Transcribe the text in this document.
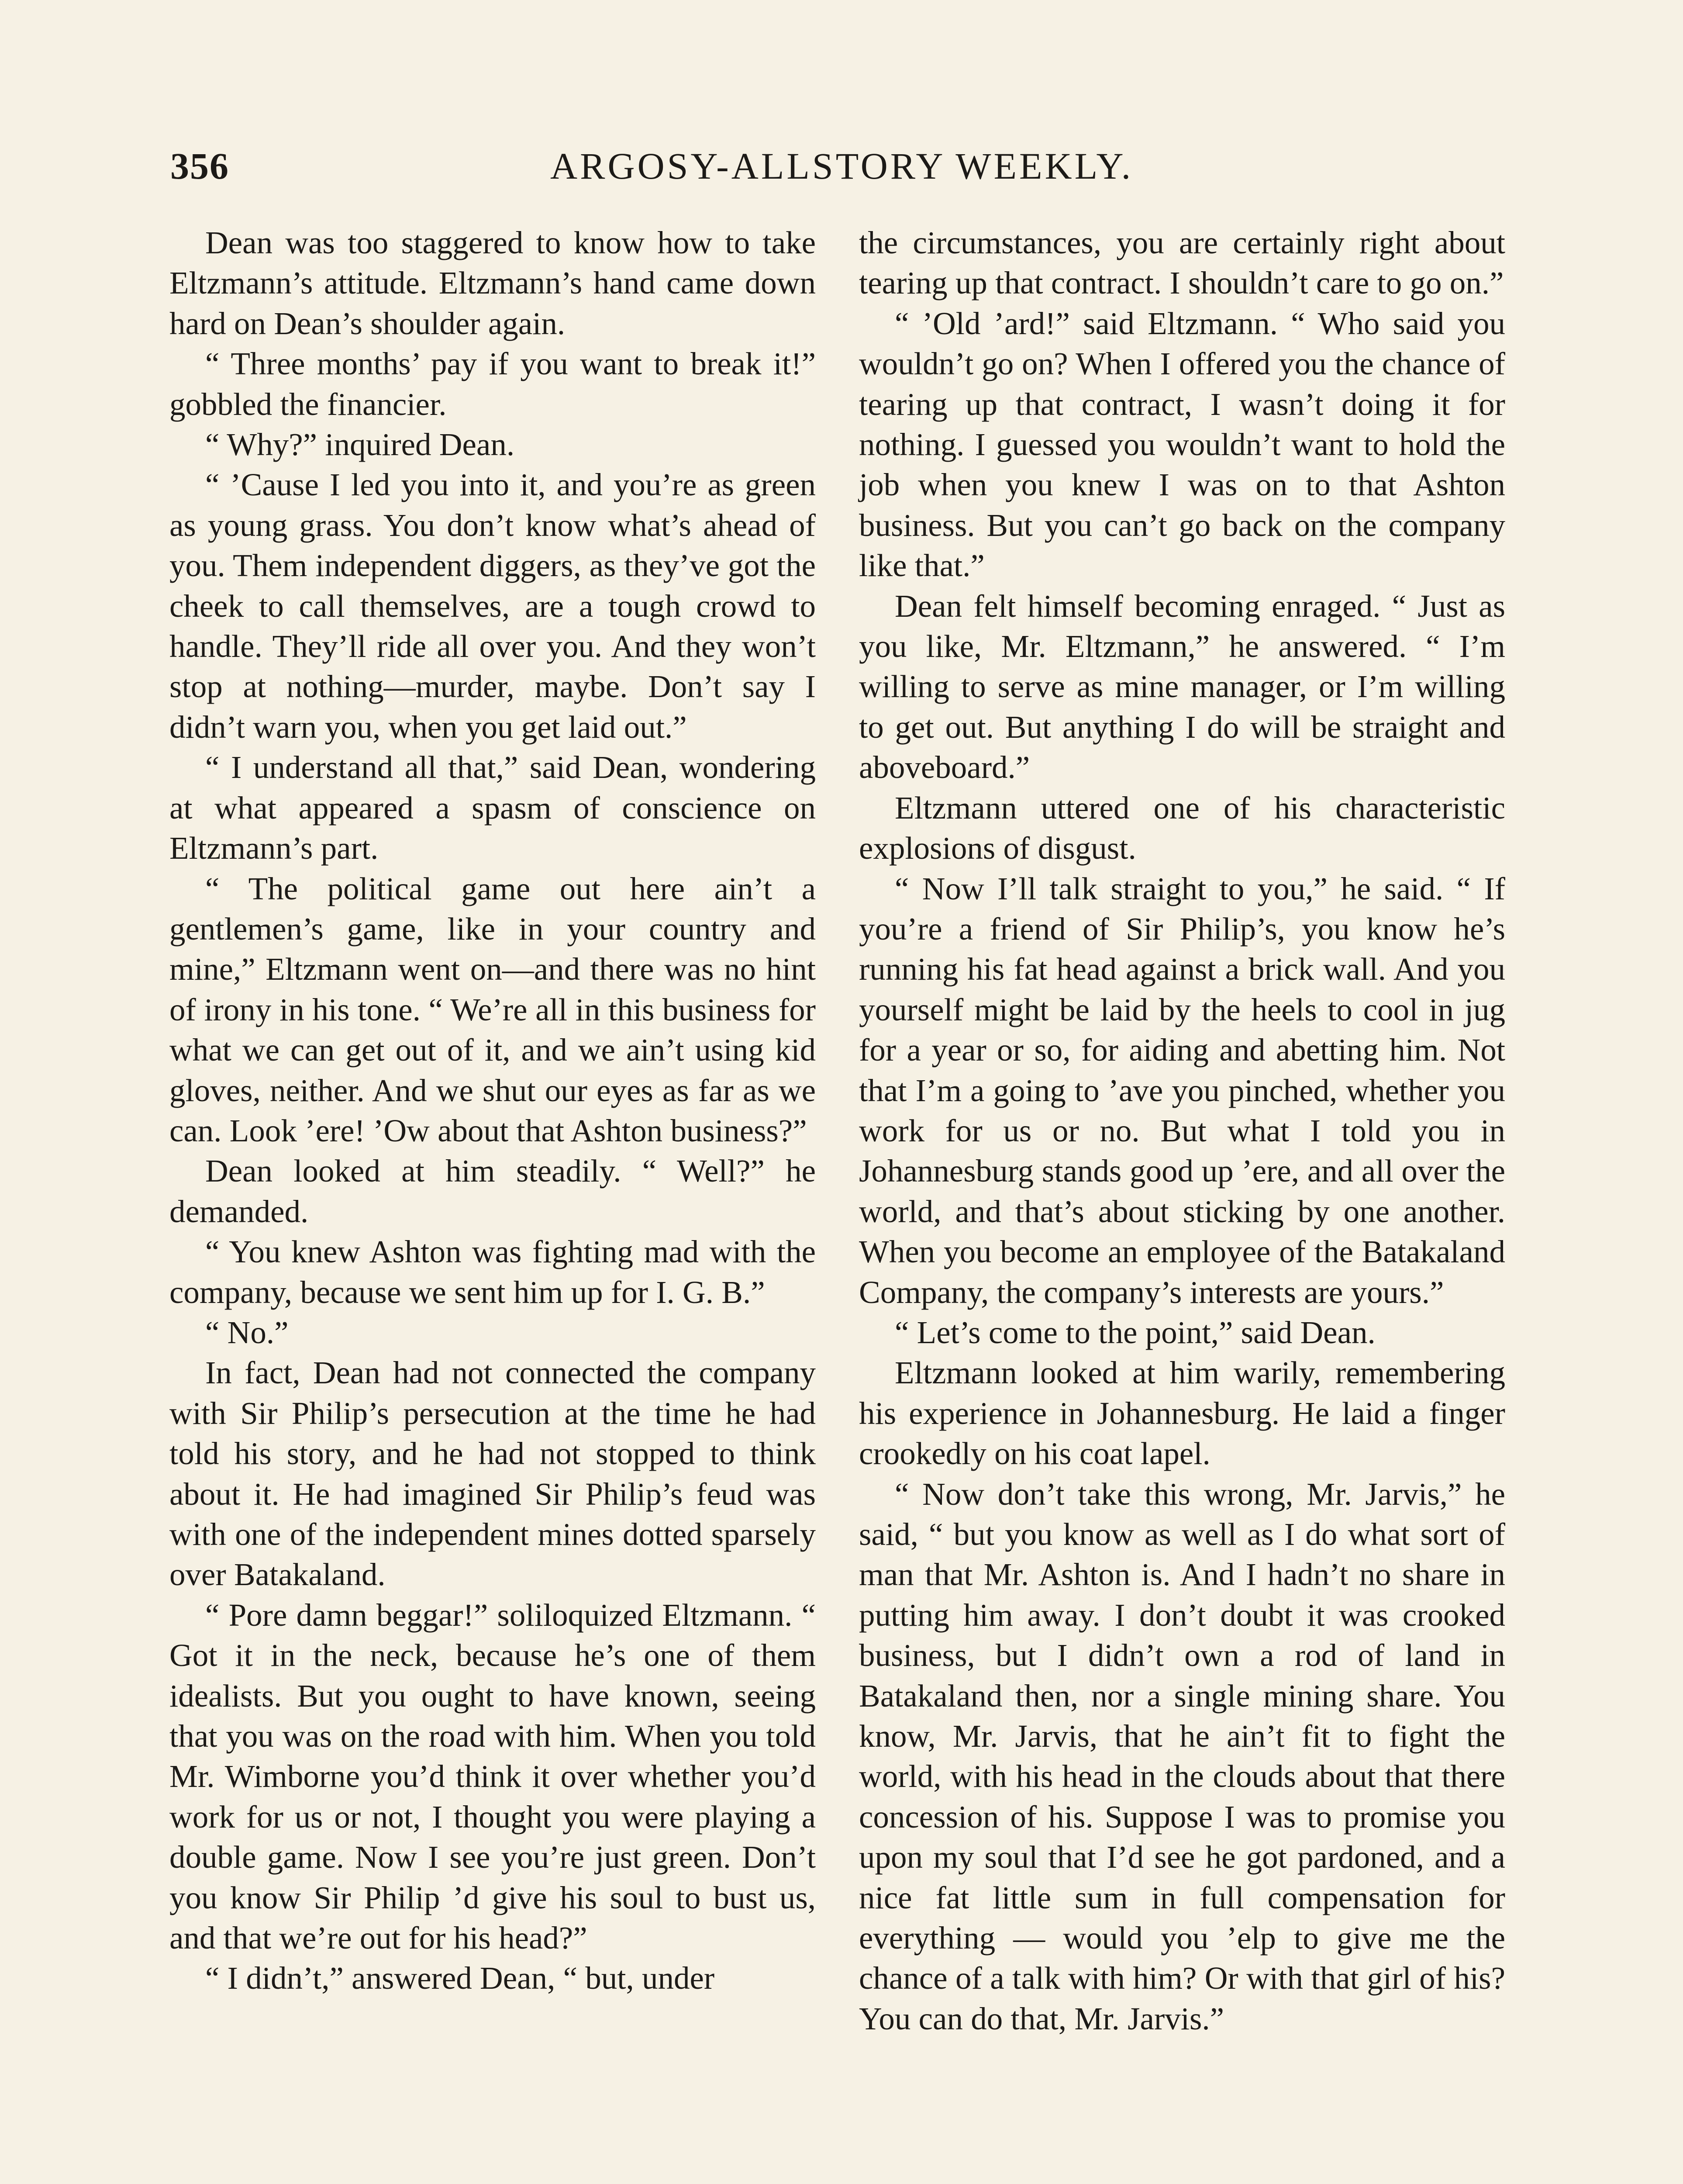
356	ARGOSY-ALLSTORY WEEKLY.

Dean was too staggered to know how to take Eltzmann’s attitude. Eltzmann’s hand came down hard on Dean’s shoulder again.

“ Three months’ pay if you want to break it!” gobbled the financier.

“ Why?” inquired Dean.

“ ’Cause I led you into it, and you’re as green as young grass. You don’t know what’s ahead of you. Them independent diggers, as they’ve got the cheek to call themselves, are a tough crowd to handle. They’ll ride all over you. And they won’t stop at nothing—murder, maybe. Don’t say I didn’t warn you, when you get laid out.”

“ I understand all that,” said Dean, wondering at what appeared a spasm of conscience on Eltzmann’s part.

“ The political game out here ain’t a gentlemen’s game, like in your country and mine,” Eltzmann went on—and there was no hint of irony in his tone. “ We’re all in this business for what we can get out of it, and we ain’t using kid gloves, neither. And we shut our eyes as far as we can. Look ’ere! ’Ow about that Ashton business?”

Dean looked at him steadily. “ Well?” he demanded.

“ You knew Ashton was fighting mad with the company, because we sent him up for I. G. B.”

“ No.”

In fact, Dean had not connected the company with Sir Philip’s persecution at the time he had told his story, and he had not stopped to think about it. He had imagined Sir Philip’s feud was with one of the independent mines dotted sparsely over Batakaland.

“ Pore damn beggar!” soliloquized Eltzmann. “ Got it in the neck, because he’s one of them idealists. But you ought to have known, seeing that you was on the road with him. When you told Mr. Wimborne you’d think it over whether you’d work for us or not, I thought you were playing a double game. Now I see you’re just green. Don’t you know Sir Philip ’d give his soul to bust us, and that we’re out for his head?”

“ I didn’t,” answered Dean, “ but, under

the circumstances, you are certainly right about tearing up that contract. I shouldn’t care to go on.”

“ ’Old ’ard!” said Eltzmann. “ Who said you wouldn’t go on? When I offered you the chance of tearing up that contract, I wasn’t doing it for nothing. I guessed you wouldn’t want to hold the job when you knew I was on to that Ashton business. But you can’t go back on the company like that.”

Dean felt himself becoming enraged. “ Just as you like, Mr. Eltzmann,” he answered. “ I’m willing to serve as mine manager, or I’m willing to get out. But anything I do will be straight and aboveboard.”

Eltzmann uttered one of his characteristic explosions of disgust.

“ Now I’ll talk straight to you,” he said. “ If you’re a friend of Sir Philip’s, you know he’s running his fat head against a brick wall. And you yourself might be laid by the heels to cool in jug for a year or so, for aiding and abetting him. Not that I’m a going to ’ave you pinched, whether you work for us or no. But what I told you in Johannesburg stands good up ’ere, and all over the world, and that’s about sticking by one another. When you become an employee of the Batakaland Company, the company’s interests are yours.”

“ Let’s come to the point,” said Dean.

Eltzmann looked at him warily, remembering his experience in Johannesburg. He laid a finger crookedly on his coat lapel.

“ Now don’t take this wrong, Mr. Jarvis,” he said, “ but you know as well as I do what sort of man that Mr. Ashton is. And I hadn’t no share in putting him away. I don’t doubt it was crooked business, but I didn’t own a rod of land in Batakaland then, nor a single mining share. You know, Mr. Jarvis, that he ain’t fit to fight the world, with his head in the clouds about that there concession of his. Suppose I was to promise you upon my soul that I’d see he got pardoned, and a nice fat little sum in full compensation for everything — would you ’elp to give me the chance of a talk with him? Or with that girl of his? You can do that, Mr. Jarvis.”
